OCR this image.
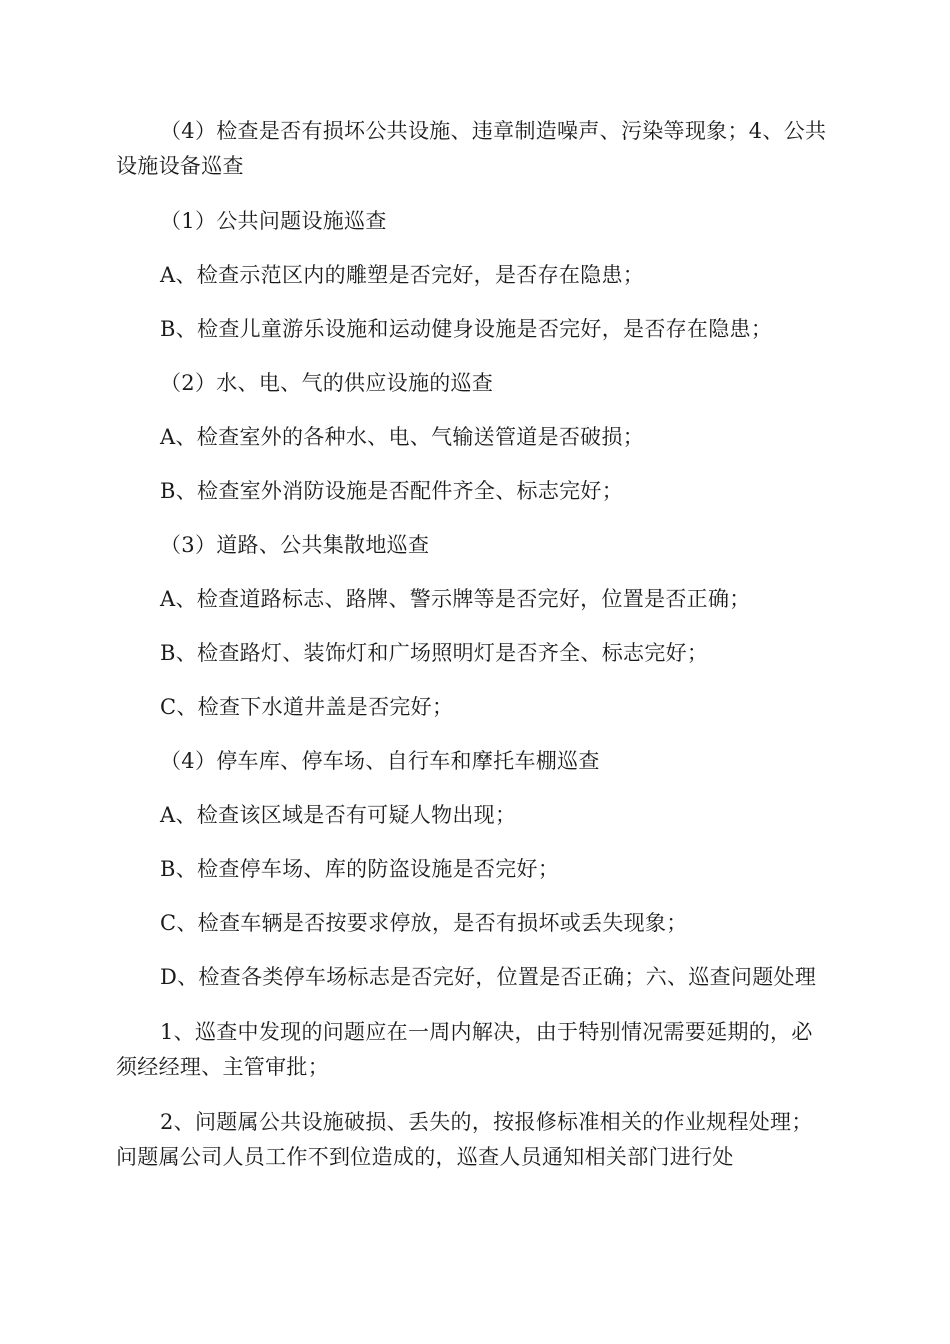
（4）检查是否有损坏公共设施、违章制造噪声、污染等现象；4、公共设施设备巡查

（1）公共问题设施巡查

A、检查示范区内的雕塑是否完好，是否存在隐患；

B、检查儿童游乐设施和运动健身设施是否完好，是否存在隐患；

（2）水、电、气的供应设施的巡查

A、检查室外的各种水、电、气输送管道是否破损；

B、检查室外消防设施是否配件齐全、标志完好；

（3）道路、公共集散地巡查

A、检查道路标志、路牌、警示牌等是否完好，位置是否正确；

B、检查路灯、装饰灯和广场照明灯是否齐全、标志完好；

C、检查下水道井盖是否完好；

（4）停车库、停车场、自行车和摩托车棚巡查

A、检查该区域是否有可疑人物出现；

B、检查停车场、库的防盗设施是否完好；

C、检查车辆是否按要求停放，是否有损坏或丢失现象；

D、检查各类停车场标志是否完好，位置是否正确；六、巡查问题处理

1、巡查中发现的问题应在一周内解决，由于特别情况需要延期的，必须经经理、主管审批；

2、问题属公共设施破损、丢失的，按报修标准相关的作业规程处理；问题属公司人员工作不到位造成的，巡查人员通知相关部门进行处
